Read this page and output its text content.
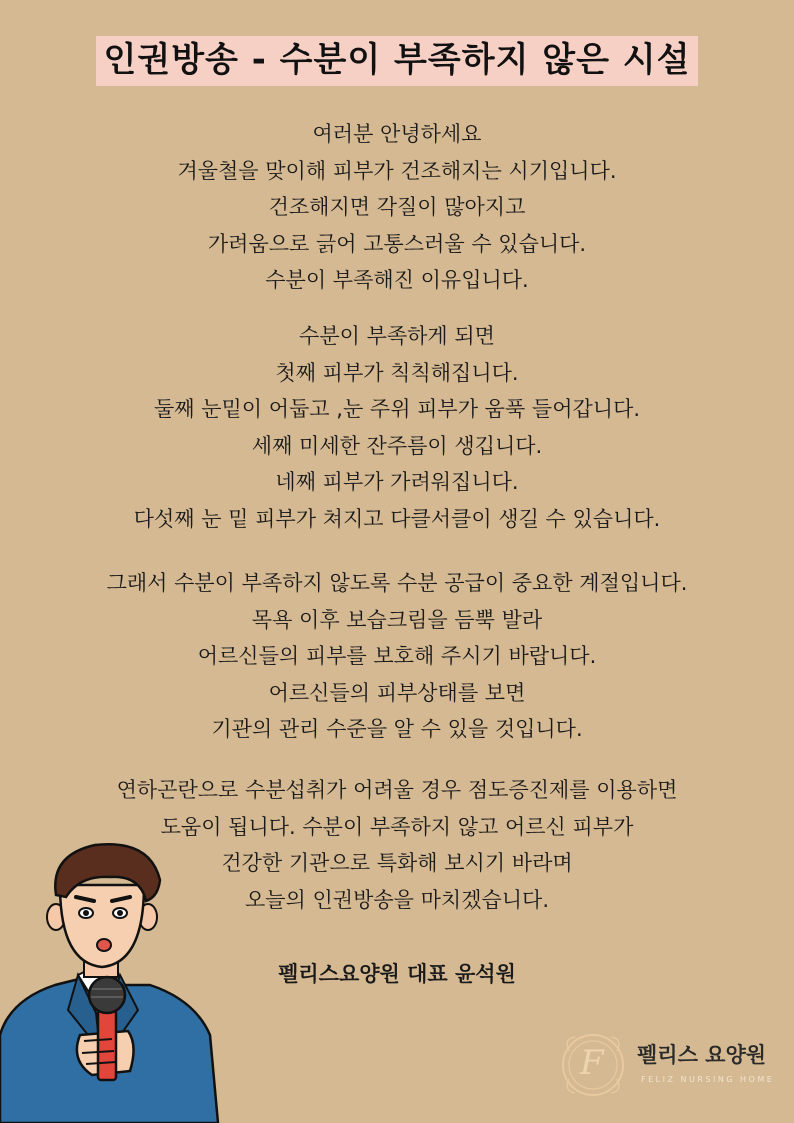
인권방송 - 수분이 부족하지 않은 시설
여러분 안녕하세요
겨울철을 맞이해 피부가 건조해지는 시기입니다.
건조해지면 각질이 많아지고
가려움으로 긁어 고통스러울 수 있습니다.
수분이 부족해진 이유입니다.
수분이 부족하게 되면
첫째 피부가 칙칙해집니다.
둘째 눈밑이 어둡고 ,눈 주위 피부가 움푹 들어갑니다.
세째 미세한 잔주름이 생깁니다.
네째 피부가 가려워집니다.
다섯째 눈 밑 피부가 쳐지고 다클서클이 생길 수 있습니다.
그래서 수분이 부족하지 않도록 수분 공급이 중요한 계절입니다.
목욕 이후 보습크림을 듬뿍 발라
어르신들의 피부를 보호해 주시기 바랍니다.
어르신들의 피부상태를 보면
기관의 관리 수준을 알 수 있을 것입니다.
연하곤란으로 수분섭취가 어려울 경우 점도증진제를 이용하면
도움이 됩니다. 수분이 부족하지 않고 어르신 피부가
건강한 기관으로 특화해 보시기 바라며
오늘의 인권방송을 마치겠습니다.
펠리스요양원 대표 윤석원
F 펠리스 요양원
FELIZ NURSING HOME
